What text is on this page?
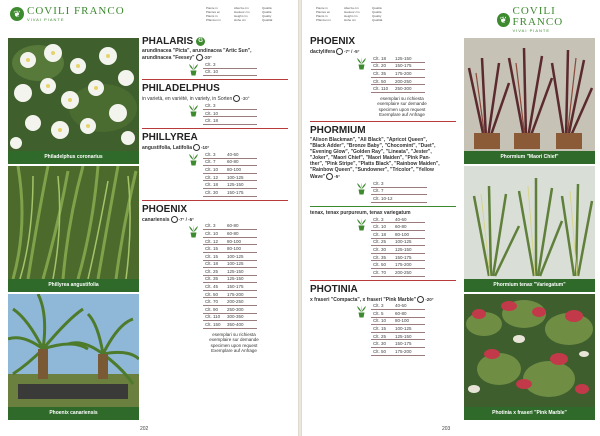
❦ COVILI FRANCO
VIVAI PIANTE
Piante in
Plantes en
Plants in
Pflanzen in
Altezza cm
Hauteur cm
Height cm
Höhe cm
Qualità
Qualité
Quality
Qualität
Philadelphus coronarius
Phillyrea angustifolia
Phoenix canariensis
PHALARIS G
arundinacea "Picta", arundinacea "Artic Sun",
arundinacea "Feesey" -20°
Clt. 3	
Clt. 10	
PHILADELPHUS
in varietà, en variété, in variety, in Sorten -30°
Clt. 3	
Clt. 10	
Clt. 18	
PHILLYREA
angustifolia, Latifolia -10°
Clt. 3	40-60
Clt. 7	60-80
Clt. 10	80-100
Clt. 12	100-125
Clt. 18	125-150
Clt. 30	150-175
PHOENIX
canariensis -7° / -5°
Clt. 3	60-80
Clt. 10	60-80
Clt. 12	80-100
Clt. 15	80-100
Clt. 15	100-125
Clt. 18	100-125
Clt. 25	125-150
Clt. 35	125-150
Clt. 45	150-175
Clt. 50	175-200
Clt. 70	200-250
Clt. 90	250-300
Clt. 110	300-350
Clt. 150	350-400
esemplari su richiesta
exemplaire sur demande
specimen upon request
Exemplare auf Anfrage
202
Piante in
Plantes en
Plants in
Pflanzen in
Altezza cm
Hauteur cm
Height cm
Höhe cm
Qualità
Qualité
Quality
Qualität	❦
COVILI FRANCO
VIVAI PIANTE
PHOENIX
dactylifera -7° / -5°
Clt. 18	125-150
Clt. 20	150-175
Clt. 35	175-200
Clt. 50	200-250
Clt. 110	250-300
esemplari su richiesta
exemplaire sur demande
specimen upon request
Exemplare auf Anfrage
PHORMIUM
"Alison Blackman", "All Black", "Apricot Queen",
"Black Adder", "Bronze Baby", "Chocomint", "Duet",
"Evening Glow", "Golden Ray", "Lineata", "Jester",
"Joker", "Maori Chief", "Maori Maiden", "Pink Pan-
ther", "Pink Stripe", "Platts Black", "Rainbow Maiden",
"Rainbow Queen", "Sundowner", "Tricolor", "Yellow
Wave" -5°
Clt. 3	
Clt. 7	
Clt. 10-12	
tenax, tenax purpureum, tenax variegatum
Clt. 3	40-60
Clt. 10	60-80
Clt. 18	80-100
Clt. 25	100-125
Clt. 30	125-150
Clt. 35	150-175
Clt. 50	175-200
Clt. 70	200-250
PHOTINIA
x fraseri "Compacta", x fraseri "Pink Marble" -20°
Clt. 3	40-60
Clt. 5	60-80
Clt. 10	80-100
Clt. 15	100-125
Clt. 25	125-150
Clt. 30	150-175
Clt. 50	175-200
Phormium "Maori Chief"
Phormium tenax "Variegatum"
Photinia x fraseri "Pink Marble"
203
